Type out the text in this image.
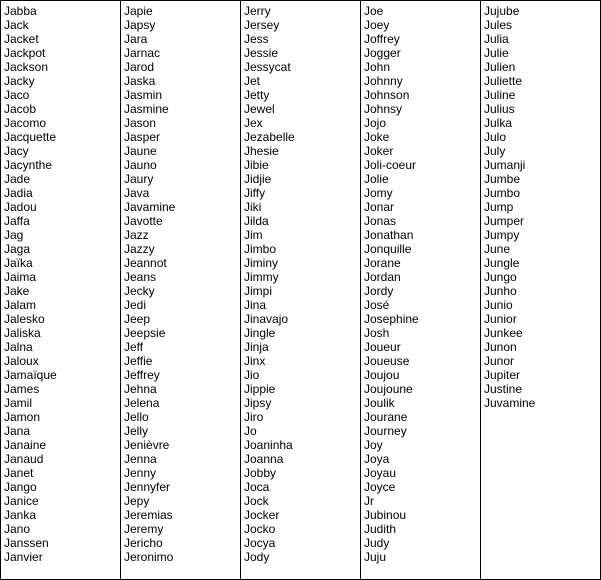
Jabba
Jack
Jacket
Jackpot
Jackson
Jacky
Jaco
Jacob
Jacomo
Jacquette
Jacy
Jacynthe
Jade
Jadia
Jadou
Jaffa
Jag
Jaga
Jaïka
Jaima
Jake
Jalam
Jalesko
Jaliska
Jalna
Jaloux
Jamaïque
James
Jamil
Jamon
Jana
Janaine
Janaud
Janet
Jango
Janice
Janka
Jano
Janssen
Janvier
Japie
Japsy
Jara
Jarnac
Jarod
Jaska
Jasmin
Jasmine
Jason
Jasper
Jaune
Jauno
Jaury
Java
Javamine
Javotte
Jazz
Jazzy
Jeannot
Jeans
Jecky
Jedi
Jeep
Jeepsie
Jeff
Jeffie
Jeffrey
Jehna
Jelena
Jello
Jelly
Jenièvre
Jenna
Jenny
Jennyfer
Jepy
Jeremias
Jeremy
Jericho
Jeronimo
Jerry
Jersey
Jess
Jessie
Jessycat
Jet
Jetty
Jewel
Jex
Jezabelle
Jhesie
Jibie
Jidjie
Jiffy
Jiki
Jilda
Jim
Jimbo
Jiminy
Jimmy
Jimpi
Jina
Jinavajo
Jingle
Jinja
Jinx
Jio
Jippie
Jipsy
Jiro
Jo
Joaninha
Joanna
Jobby
Joca
Jock
Jocker
Jocko
Jocya
Jody
Joe
Joey
Joffrey
Jogger
John
Johnny
Johnson
Johnsy
Jojo
Joke
Joker
Joli-coeur
Jolie
Jomy
Jonar
Jonas
Jonathan
Jonquille
Jorane
Jordan
Jordy
José
Josephine
Josh
Joueur
Joueuse
Joujou
Joujoune
Joulik
Jourane
Journey
Joy
Joya
Joyau
Joyce
Jr
Jubinou
Judith
Judy
Juju
Jujube
Jules
Julia
Julie
Julien
Juliette
Juline
Julius
Julka
Julo
July
Jumanji
Jumbe
Jumbo
Jump
Jumper
Jumpy
June
Jungle
Jungo
Junho
Junio
Junior
Junkee
Junon
Junor
Jupiter
Justine
Juvamine
